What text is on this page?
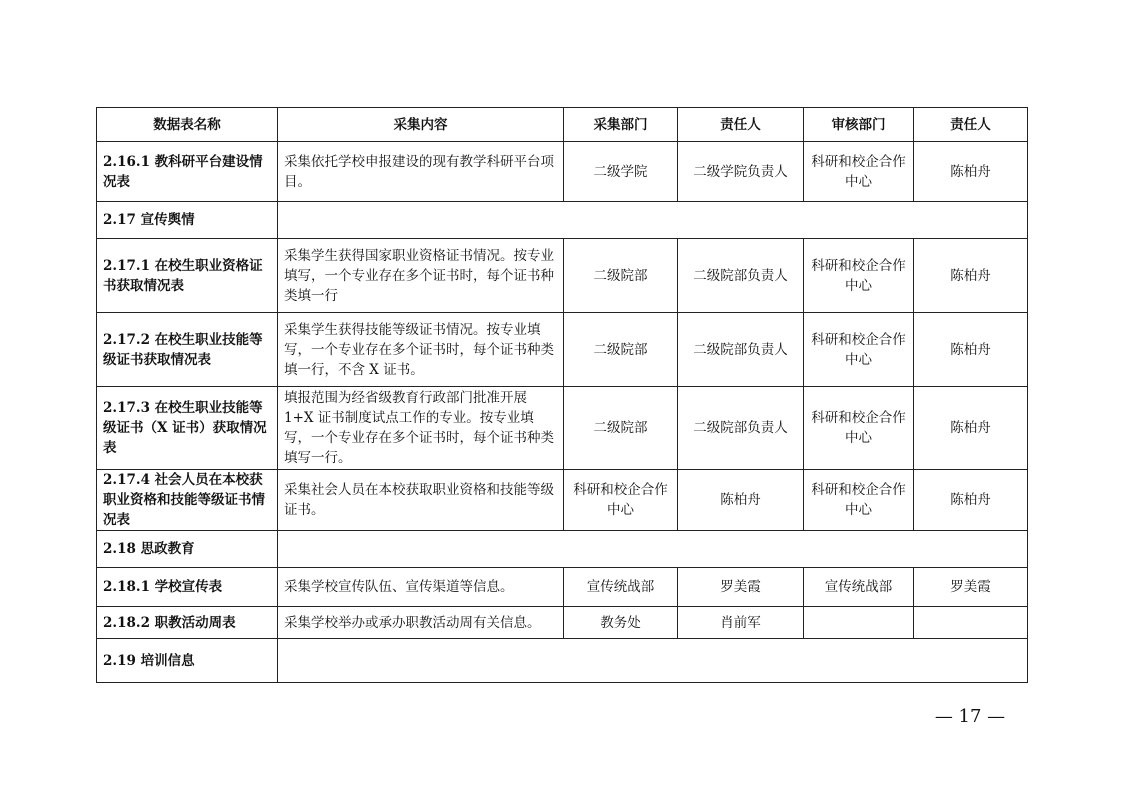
数据表名称	采集内容	采集部门	责任人	审核部门	责任人
2.16.1 教科研平台建设情况表	采集依托学校申报建设的现有教学科研平台项目。	二级学院	二级学院负责人	科研和校企合作中心	陈柏舟
2.17 宣传舆情					
2.17.1 在校生职业资格证书获取情况表	采集学生获得国家职业资格证书情况。按专业填写，一个专业存在多个证书时，每个证书种类填一行	二级院部	二级院部负责人	科研和校企合作中心	陈柏舟
2.17.2 在校生职业技能等级证书获取情况表	采集学生获得技能等级证书情况。按专业填写，一个专业存在多个证书时，每个证书种类填一行，不含 X 证书。	二级院部	二级院部负责人	科研和校企合作中心	陈柏舟
2.17.3 在校生职业技能等级证书（X 证书）获取情况表	填报范围为经省级教育行政部门批准开展 1+X 证书制度试点工作的专业。按专业填写，一个专业存在多个证书时，每个证书种类填写一行。	二级院部	二级院部负责人	科研和校企合作中心	陈柏舟
2.17.4 社会人员在本校获职业资格和技能等级证书情况表	采集社会人员在本校获取职业资格和技能等级证书。	科研和校企合作中心	陈柏舟	科研和校企合作中心	陈柏舟
2.18 思政教育					
2.18.1 学校宣传表	采集学校宣传队伍、宣传渠道等信息。	宣传统战部	罗美霞	宣传统战部	罗美霞
2.18.2 职教活动周表	采集学校举办或承办职教活动周有关信息。	教务处	肖前军		
2.19 培训信息					
— 17 —
